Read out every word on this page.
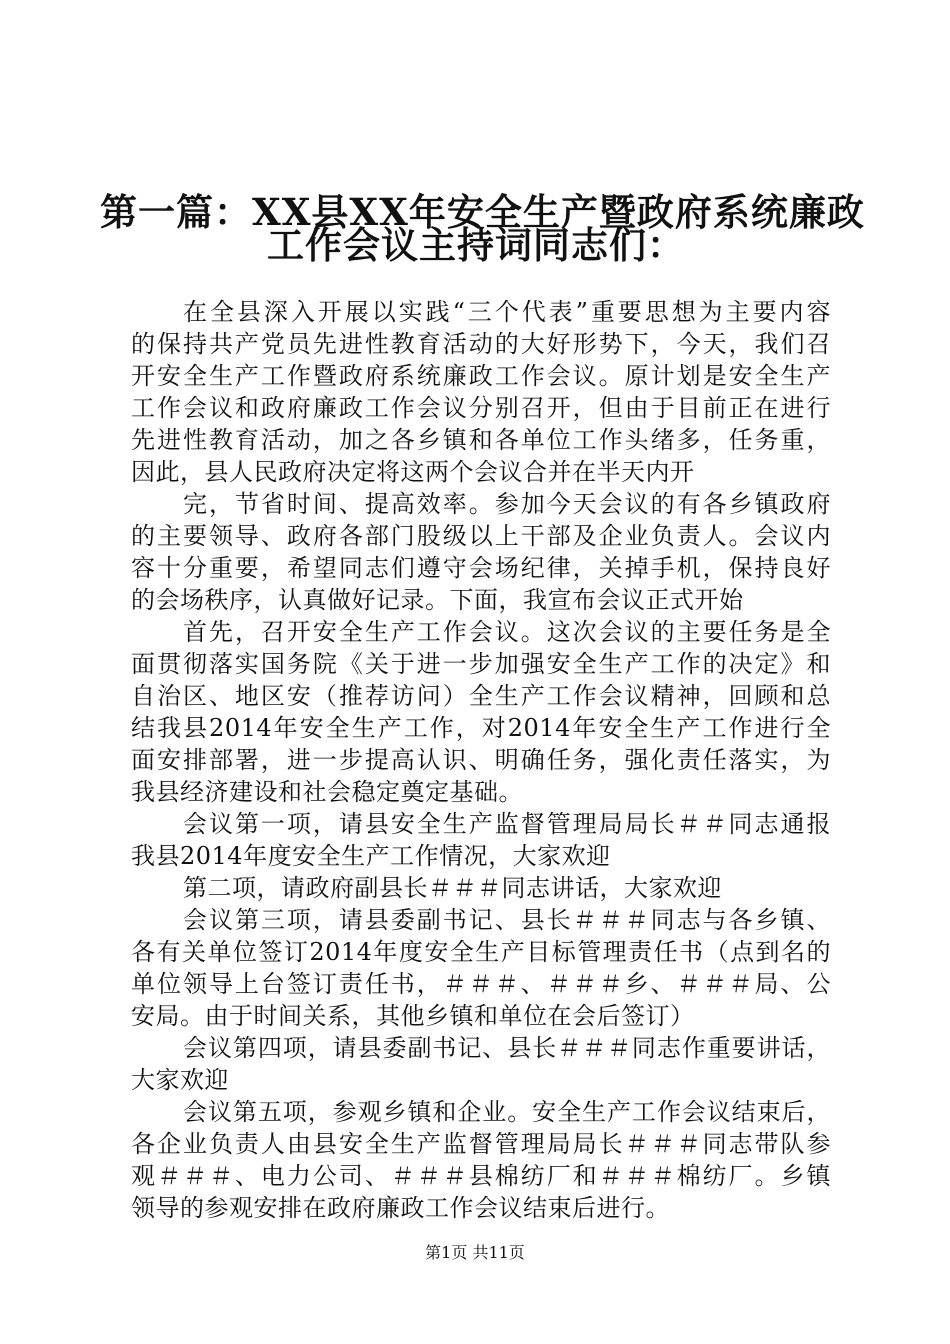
第一篇：XX县XX年安全生产暨政府系统廉政
工作会议主持词同志们：
在全县深入开展以实践“三个代表”重要思想为主要内容
的保持共产党员先进性教育活动的大好形势下，今天，我们召
开安全生产工作暨政府系统廉政工作会议。原计划是安全生产
工作会议和政府廉政工作会议分别召开，但由于目前正在进行
先进性教育活动，加之各乡镇和各单位工作头绪多，任务重，
因此，县人民政府决定将这两个会议合并在半天内开
完，节省时间、提高效率。参加今天会议的有各乡镇政府
的主要领导、政府各部门股级以上干部及企业负责人。会议内
容十分重要，希望同志们遵守会场纪律，关掉手机，保持良好
的会场秩序，认真做好记录。下面，我宣布会议正式开始
首先，召开安全生产工作会议。这次会议的主要任务是全
面贯彻落实国务院《关于进一步加强安全生产工作的决定》和
自治区、地区安（推荐访问）全生产工作会议精神，回顾和总
结我县2014年安全生产工作，对2014年安全生产工作进行全
面安排部署，进一步提高认识、明确任务，强化责任落实，为
我县经济建设和社会稳定奠定基础。
会议第一项，请县安全生产监督管理局局长＃＃同志通报
我县2014年度安全生产工作情况，大家欢迎
第二项，请政府副县长＃＃＃同志讲话，大家欢迎
会议第三项，请县委副书记、县长＃＃＃同志与各乡镇、
各有关单位签订2014年度安全生产目标管理责任书（点到名的
单位领导上台签订责任书，＃＃＃、＃＃＃乡、＃＃＃局、公
安局。由于时间关系，其他乡镇和单位在会后签订）
会议第四项，请县委副书记、县长＃＃＃同志作重要讲话，
大家欢迎
会议第五项，参观乡镇和企业。安全生产工作会议结束后，
各企业负责人由县安全生产监督管理局局长＃＃＃同志带队参
观＃＃＃、电力公司、＃＃＃县棉纺厂和＃＃＃棉纺厂。乡镇
领导的参观安排在政府廉政工作会议结束后进行。
第1页 共11页
